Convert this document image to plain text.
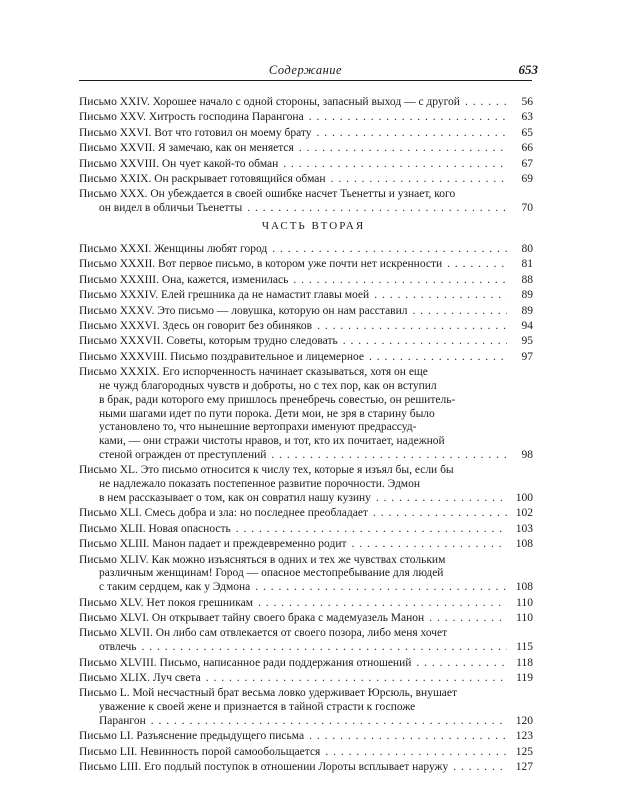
Содержание	653
ЧАСТЬ ВТОРАЯ
Письмо XXIV. Хорошее начало с одной стороны, запасный выход — с другой . . .	56
Письмо XXV. Хитрость господина Парангона . . .	63
Письмо XXVI. Вот что готовил он моему брату . . .	65
Письмо XXVII. Я замечаю, как он меняется . . .	66
Письмо XXVIII. Он чует какой-то обман . . .	67
Письмо XXIX. Он раскрывает готовящийся обман . . .	69
Письмо XXX. Он убеждается в своей ошибке насчет Тьенетты и узнает, кого
он видел в обличьи Тьенетты . . .	70
Письмо XXXI. Женщины любят город . . .	80
Письмо XXXII. Вот первое письмо, в котором уже почти нет искренности . . .	81
Письмо XXXIII. Она, кажется, изменилась . . .	88
Письмо XXXIV. Елей грешника да не намастит главы моей . . .	89
Письмо XXXV. Это письмо — ловушка, которую он нам расставил . . .	89
Письмо XXXVI. Здесь он говорит без обиняков . . .	94
Письмо XXXVII. Советы, которым трудно следовать . . .	95
Письмо XXXVIII. Письмо поздравительное и лицемерное . . .	97
Письмо XXXIX. Его испорченность начинает сказываться, хотя он еще
не чужд благородных чувств и доброты, но с тех пор, как он вступил
в брак, ради которого ему пришлось пренебречь совестью, он решитель-
ными шагами идет по пути порока. Дети мои, не зря в старину было
установлено то, что нынешние вертопрахи именуют предрассуд-
ками, — они стражи чистоты нравов, и тот, кто их почитает, надежной
стеной огражден от преступлений . . .	98
Письмо XL. Это письмо относится к числу тех, которые я изъял бы, если бы
не надлежало показать постепенное развитие порочности. Эдмон
в нем рассказывает о том, как он совратил нашу кузину . . .	100
Письмо XLI. Смесь добра и зла: но последнее преобладает . . .	102
Письмо XLII. Новая опасность . . .	103
Письмо XLIII. Манон падает и преждевременно родит . . .	108
Письмо XLIV. Как можно изъясняться в одних и тех же чувствах стольким
различным женщинам! Город — опасное местопребывание для людей
с таким сердцем, как у Эдмона . . .	108
Письмо XLV. Нет покоя грешникам . . .	110
Письмо XLVI. Он открывает тайну своего брака с мадемуазель Манон . . .	110
Письмо XLVII. Он либо сам отвлекается от своего позора, либо меня хочет
отвлечь . . .	115
Письмо XLVIII. Письмо, написанное ради поддержания отношений . . .	118
Письмо XLIX. Луч света . . .	119
Письмо L. Мой несчастный брат весьма ловко удерживает Юрсюль, внушает
уважение к своей жене и признается в тайной страсти к госпоже
Парангон . . .	120
Письмо LI. Разъяснение предыдущего письма . . .	123
Письмо LII. Невинность порой самообольщается . . .	125
Письмо LIII. Его подлый поступок в отношении Лороты всплывает наружу . . .	127
